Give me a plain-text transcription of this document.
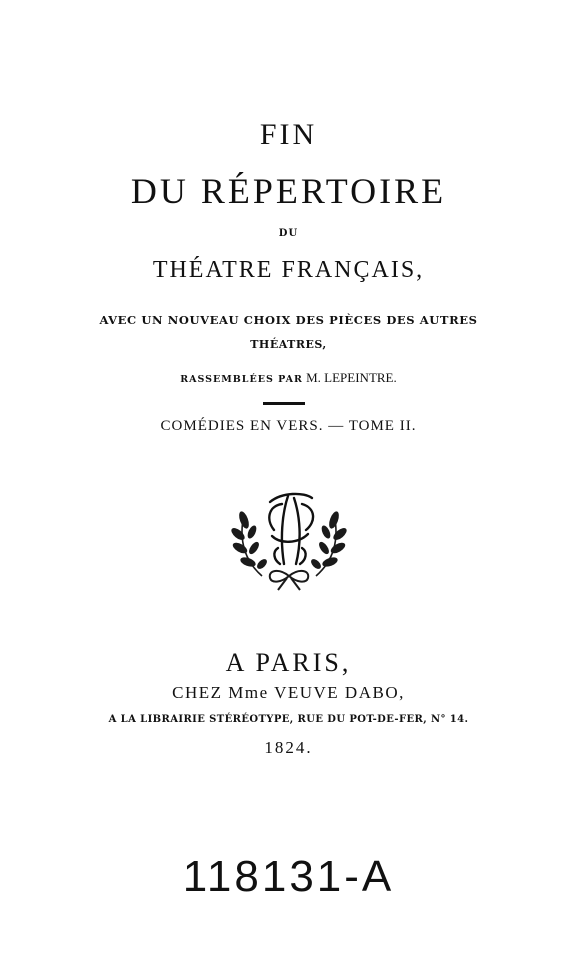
FIN
DU RÉPERTOIRE
DU
THÉATRE FRANÇAIS,
AVEC UN NOUVEAU CHOIX DES PIÈCES DES AUTRES
THÉATRES,
RASSEMBLÉES PAR M. LEPEINTRE.
COMÉDIES EN VERS. — TOME II.
A PARIS,
CHEZ Mme VEUVE DABO,
A LA LIBRAIRIE STÉRÉOTYPE, RUE DU POT-DE-FER, N° 14.
1824.
118131-A
